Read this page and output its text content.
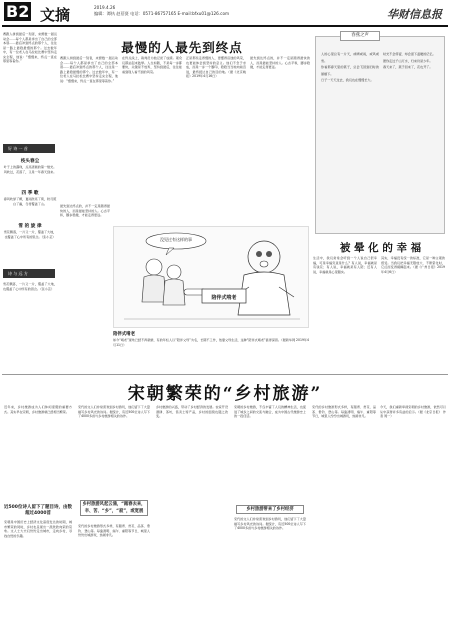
B2 文摘	2019.4.26
编辑：谭执 赵蓓贤 电话：0571-86757165 E-mail:bfxu01@126.com	华财信息报
最慢的人最先到终点
赛跑人拼到最后一刻者，来源数一届运动会……每个人都是拿出了自己的全部本领……最后冲到终点的那个人，往往是一路上最稳最慢的那个。过去数年中，有一位老人在马拉松比赛中坚持走完全程，他说：“慢慢来，终点一直在那里等着你。”
在终点线上，裁判员为他记录了成绩。观众们都站起来鼓掌。人生如跑，不是每一步都要快，关键是不放弃，坚持到最后，往往能看到别人看不到的风景。
正是那些走得慢的人，更懂得沿途的风景，也更能体会到坚持的意义。他们不急于求成，而是一步一个脚印，稳稳当当地向前迈进，最终抵达自己的目的地。（据《北京晚报》2019年4月16日）
最先到达终点的，并不一定是跑得最快的人，而是最能坚持的人。心态平和，脚步稳健，才能走得更远。
赛跑人拼到最后一刻者，来源数一届运动会……每个人都是拿出了自己的全部本领……最后冲到终点的那个人，往往是一路上最稳最慢的那个。过去数年中，有一位老人在马拉松比赛中坚持走完全程，他说：“慢慢来，终点一直在那里等着你。”
好 诗 一 首
枝头春尘
叶子上的露珠，点亮清晨的第一缕光。风吹过，花落了，又是一年春天到来。
四 季 歌
春风吹绿了柳，夏雨洗亮了荷，秋月照白了霜，冬雪覆盖了山。
雪 的 旋 律
雪花飘落，一片又一片，覆盖了大地，也覆盖了心中所有的思念。（张小芸）
诗 与 远 方
雪花飘落，一片又一片，覆盖了大地，也覆盖了心中所有的思念。（张小芸）
人的心里总有一片天，或晴或雨，或风或雪。
你看那春天里的燕子，总会飞回到旧时的屋檐下。
日子一天天过去，我们也在慢慢长大。
时光不会停留，却会留下温暖的记忆。
愿你走过千山万水，归来仍是少年。
春天来了，燕子回来了，花也开了。
春燕之声
没见过有这样的事
陪伴式啃老
陪伴式啃老
如今“啃老”现象已经不再新鲜，有的年轻人以“陪伴父母”为名，长期不工作，依靠父母生活，这种“陪伴式啃老”值得深思。（据新华网 2019年4月11日）
最先到达终点的，并不一定是跑得最快的人，而是最能坚持的人。心态平和，脚步稳健，才能走得更远。
被 晕 化 的 幸 福
生活中，我们常常会听到一个人说自己很幸福，可是幸福究竟是什么？有人说，幸福就是有钱花；有人说，幸福就是有人陪；还有人说，幸福就是心里踏实。
其实，幸福没有统一的标准，它是一种主观的感受。当我们把幸福无限放大、不断晕化时，它反而变得模糊起来。（据《广州日报》2019年4月6日）
宋朝繁荣的“乡村旅游”
近年来，乡村旅游成为人们休闲度假的重要方式。其实早在宋朝，乡村旅游就已经相当繁荣。
近500位诗人留下了题目诗，由数超过4000首
宋朝是中国历史上经济文化高度发达的时期，城市繁荣的同时，乡村也呈现出一派欣欣向荣的景象。文人士大夫们纷纷走出城市，走向乡村，寻找自然的乐趣。
宋代的文人们非常喜欢到乡村游玩，他们留下了大量描写乡村风光的诗词。据统计，有近500位诗人写下了4000多首与乡村旅游相关的诗作。
乡村旅游风起云涌，“踏春去来，辛、苦、“乡”，“寂”，或宽展
宋代的乡村旅游形式多样，有踏青、赏花、品茶、垂钓、登山等。每逢清明、端午、重阳等节日，城里人纷纷出城游玩，热闹非凡。
乡村旅游的兴盛，带动了乡村经济的发展。农家开设酒肆、茶坊，售卖土特产品，乡村的面貌也随之改变。
宋朝的乡村旅游，不仅丰富了人们的精神生活，也促进了城乡之间的交流与融合，成为中国古代旅游史上的一段佳话。
乡村旅游带来了乡村经济
宋代的文人们非常喜欢到乡村游玩，他们留下了大量描写乡村风光的诗词。据统计，有近500位诗人写下了4000多首与乡村旅游相关的诗作。
宋代的乡村旅游形式多样，有踏青、赏花、品茶、垂钓、登山等。每逢清明、端午、重阳等节日，城里人纷纷出城游玩，热闹非凡。
今天，我们重新审视宋朝的乡村旅游，依然可以从中获得许多有益的启示。（据《北京日报》 作者 周一）
